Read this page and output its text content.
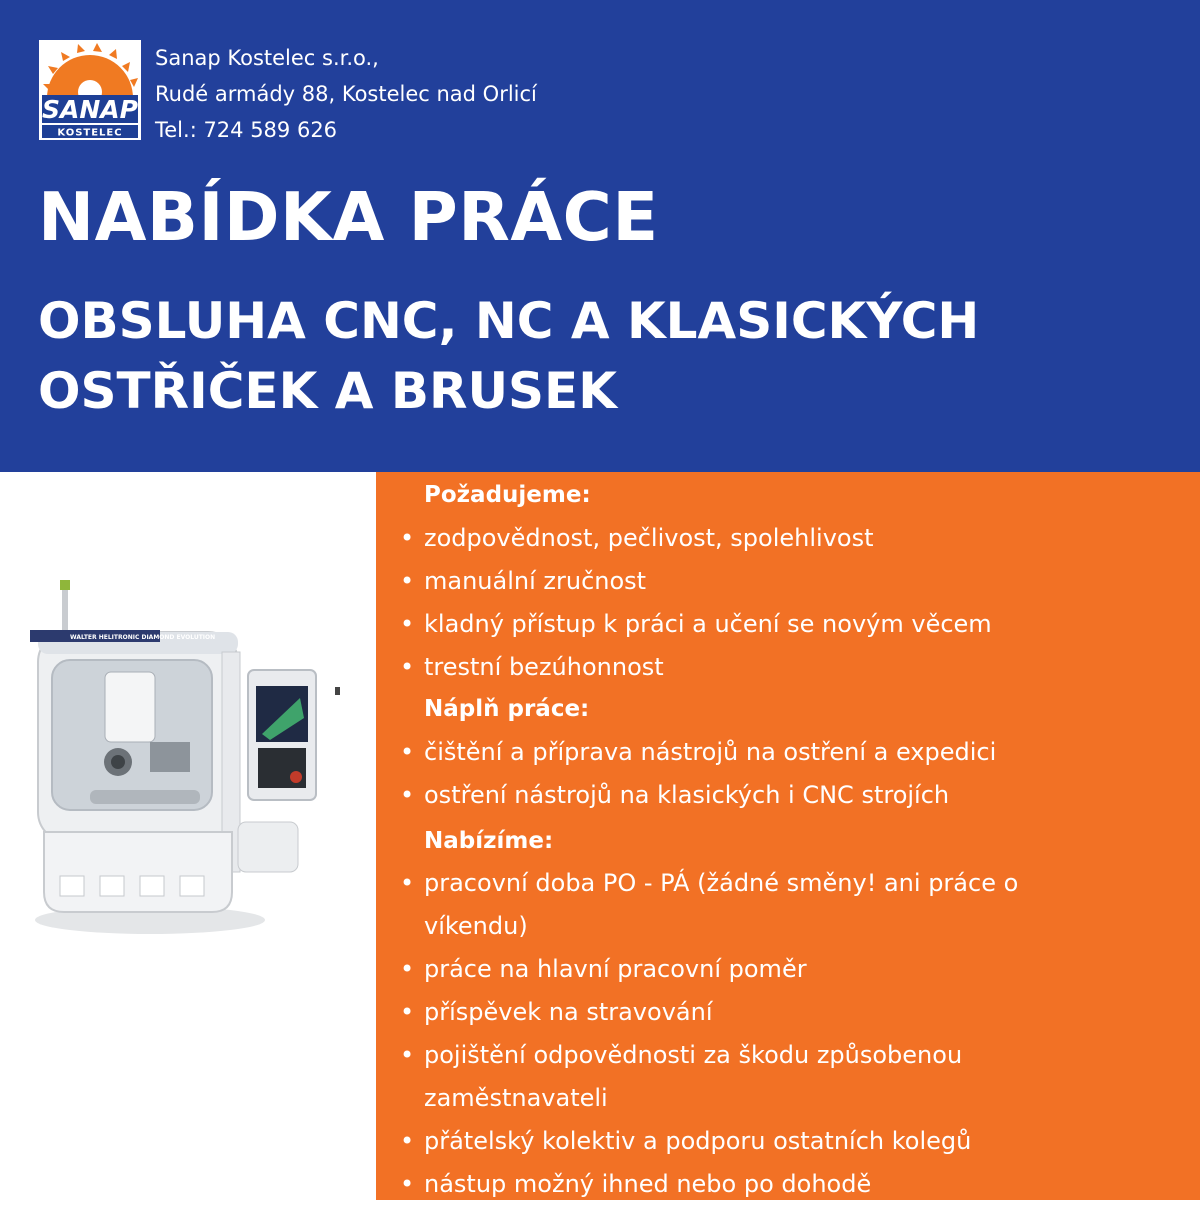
SANAP
KOSTELEC
Sanap Kostelec s.r.o.,
Rudé armády 88, Kostelec nad Orlicí
Tel.: 724 589 626
NABÍDKA PRÁCE
OBSLUHA CNC, NC A KLASICKÝCH
OSTŘIČEK A BRUSEK
WALTER HELITRONIC DIAMOND EVOLUTION
Požadujeme:
• zodpovědnost, pečlivost, spolehlivost
• manuální zručnost
• kladný přístup k práci a učení se novým věcem
• trestní bezúhonnost
Náplň práce:
• čištění a příprava nástrojů na ostření a expedici
• ostření nástrojů na klasických i CNC strojích
Nabízíme:
• pracovní doba PO - PÁ (žádné směny! ani práce o víkendu)
• práce na hlavní pracovní poměr
• příspěvek na stravování
• pojištění odpovědnosti za škodu způsobenou zaměstnavateli
• přátelský kolektiv a podporu ostatních kolegů
• nástup možný ihned nebo po dohodě
